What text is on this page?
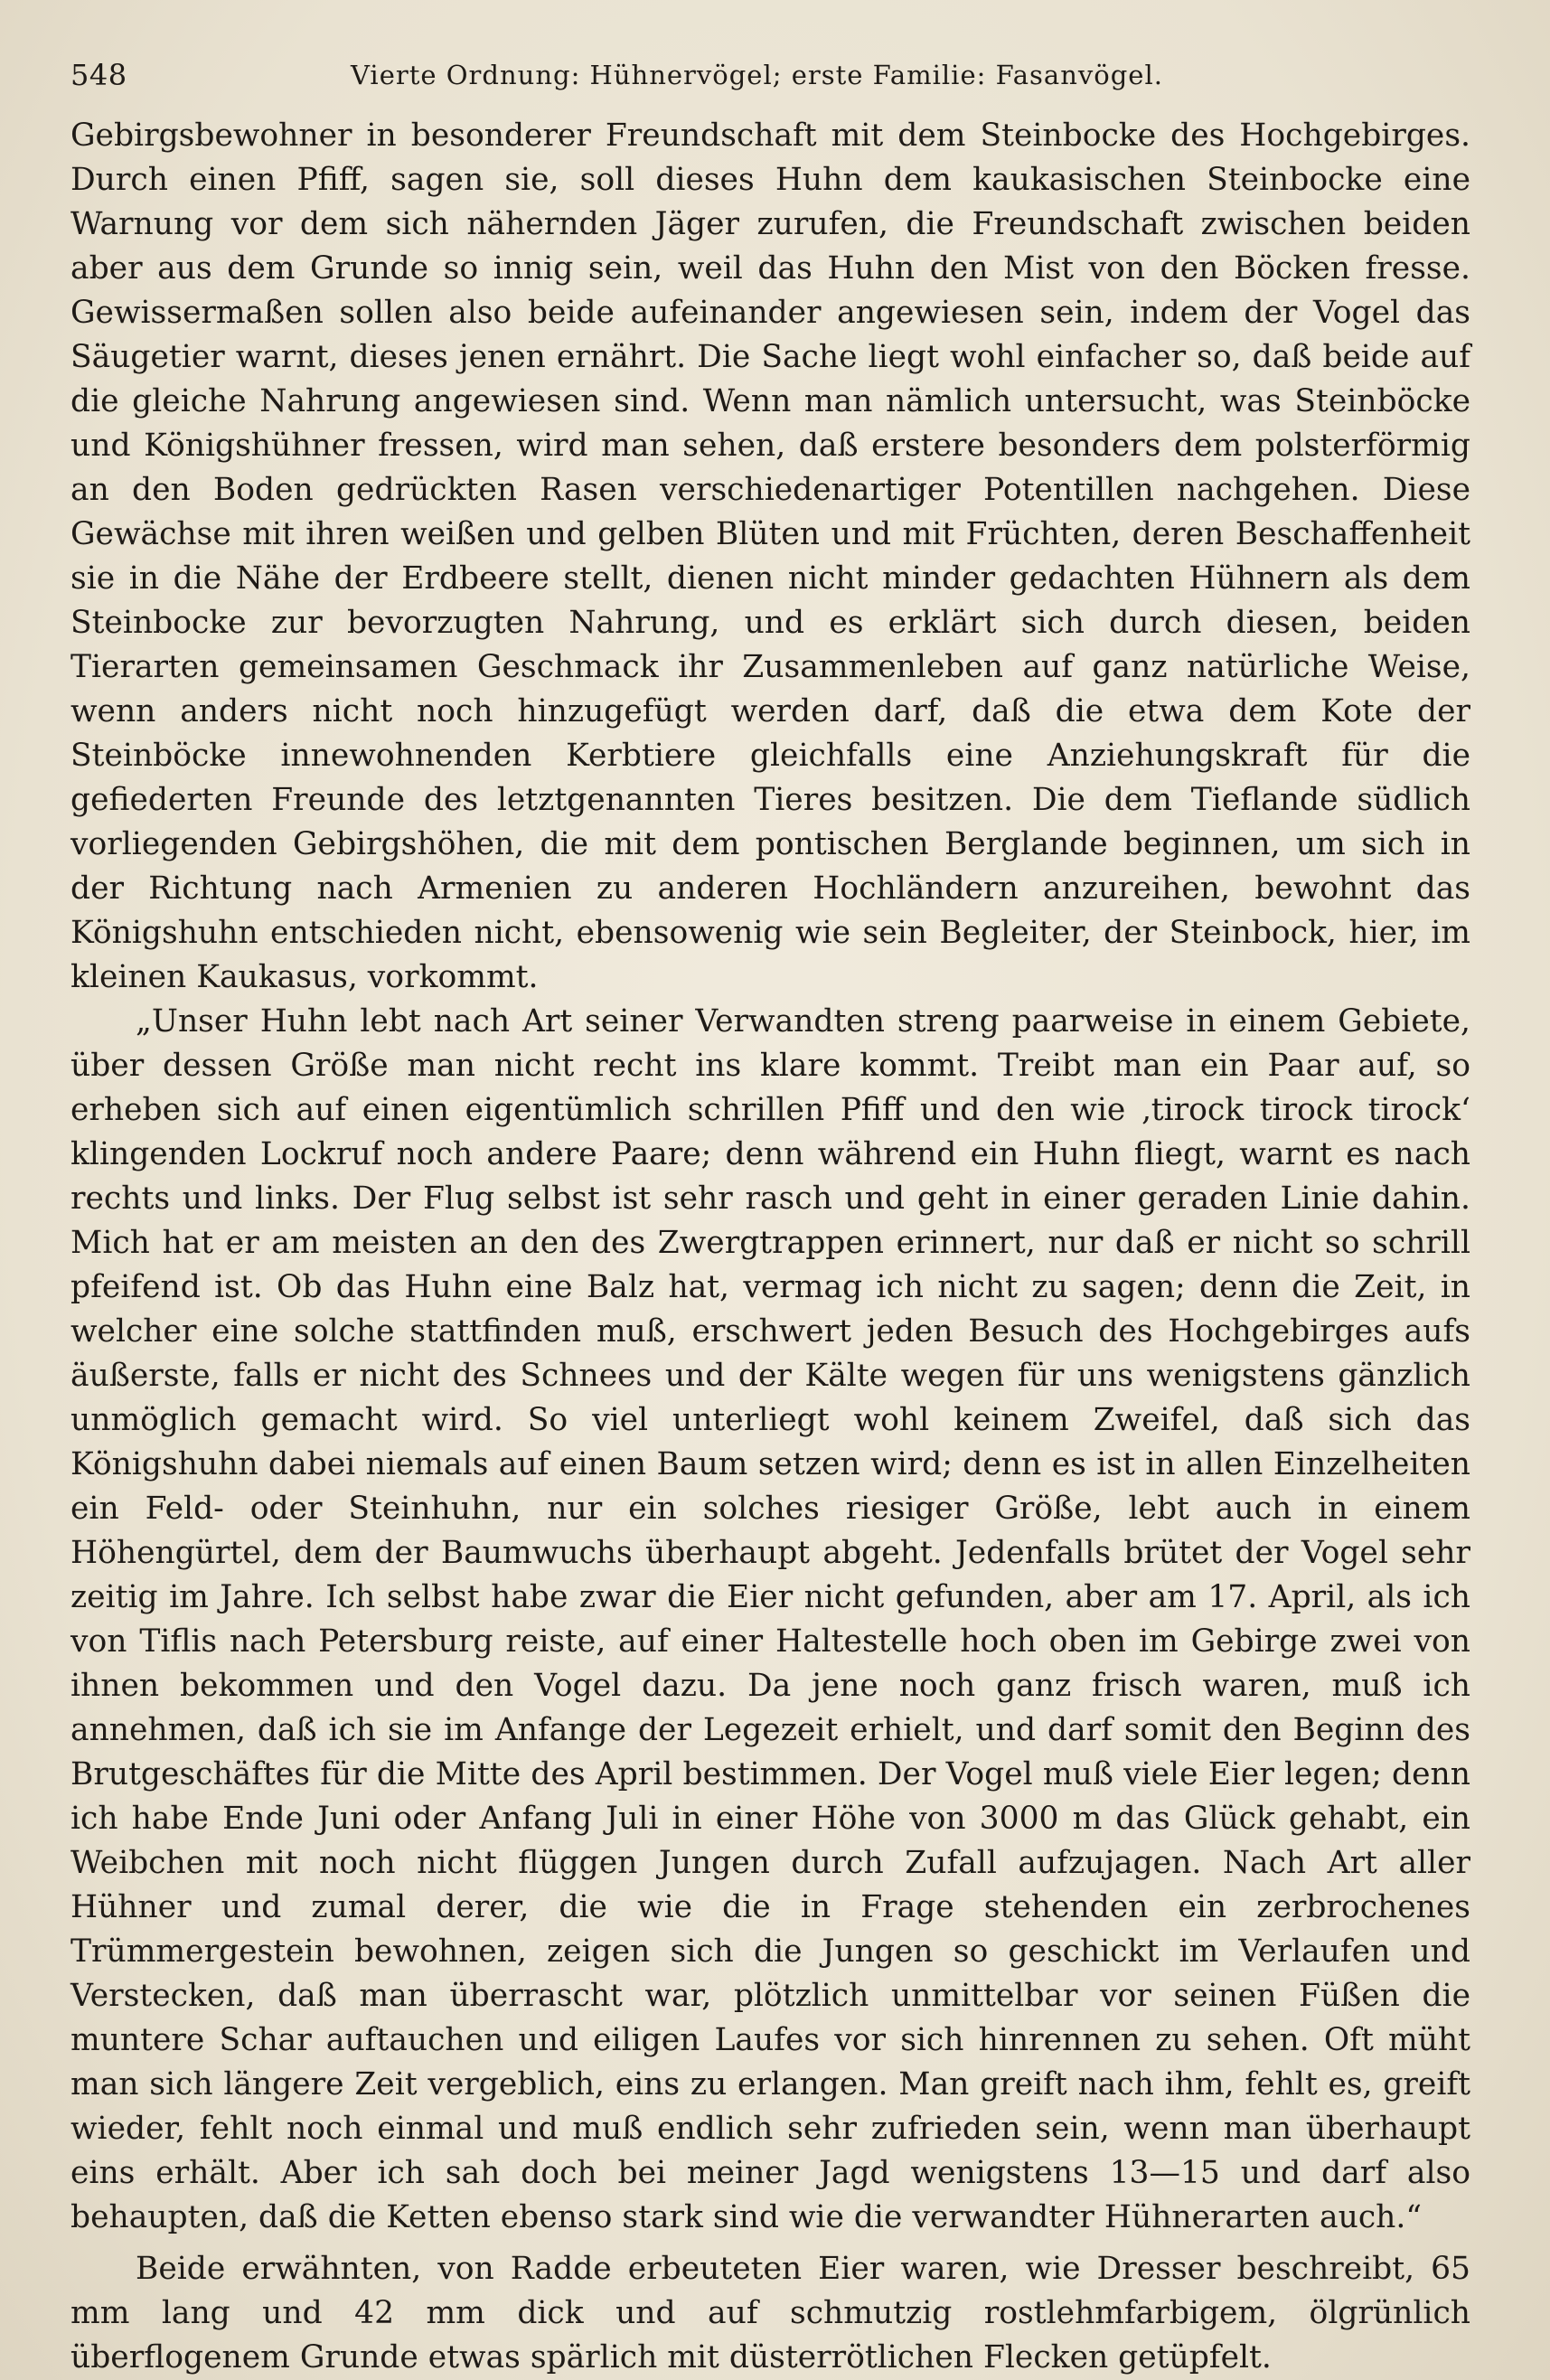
548	Vierte Ordnung: Hühnervögel; erste Familie: Fasanvögel.

Gebirgsbewohner in besonderer Freundschaft mit dem Steinbocke des Hochgebirges. Durch einen Pfiff, sagen sie, soll dieses Huhn dem kaukasischen Steinbocke eine Warnung vor dem sich nähernden Jäger zurufen, die Freundschaft zwischen beiden aber aus dem Grunde so innig sein, weil das Huhn den Mist von den Böcken fresse. Gewissermaßen sollen also beide aufeinander angewiesen sein, indem der Vogel das Säugetier warnt, dieses jenen ernährt. Die Sache liegt wohl einfacher so, daß beide auf die gleiche Nahrung angewiesen sind. Wenn man nämlich untersucht, was Steinböcke und Königshühner fressen, wird man sehen, daß erstere besonders dem polsterförmig an den Boden gedrückten Rasen verschiedenartiger Potentillen nachgehen. Diese Gewächse mit ihren weißen und gelben Blüten und mit Früchten, deren Beschaffenheit sie in die Nähe der Erdbeere stellt, dienen nicht minder gedachten Hühnern als dem Steinbocke zur bevorzugten Nahrung, und es erklärt sich durch diesen, beiden Tierarten gemeinsamen Geschmack ihr Zusammenleben auf ganz natürliche Weise, wenn anders nicht noch hinzugefügt werden darf, daß die etwa dem Kote der Steinböcke innewohnenden Kerbtiere gleichfalls eine Anziehungskraft für die gefiederten Freunde des letztgenannten Tieres besitzen. Die dem Tieflande südlich vorliegenden Gebirgshöhen, die mit dem pontischen Berglande beginnen, um sich in der Richtung nach Armenien zu anderen Hochländern anzureihen, bewohnt das Königshuhn entschieden nicht, ebensowenig wie sein Begleiter, der Steinbock, hier, im kleinen Kaukasus, vorkommt.

„Unser Huhn lebt nach Art seiner Verwandten streng paarweise in einem Gebiete, über dessen Größe man nicht recht ins klare kommt. Treibt man ein Paar auf, so erheben sich auf einen eigentümlich schrillen Pfiff und den wie ‚tirock tirock tirock‘ klingenden Lockruf noch andere Paare; denn während ein Huhn fliegt, warnt es nach rechts und links. Der Flug selbst ist sehr rasch und geht in einer geraden Linie dahin. Mich hat er am meisten an den des Zwergtrappen erinnert, nur daß er nicht so schrill pfeifend ist. Ob das Huhn eine Balz hat, vermag ich nicht zu sagen; denn die Zeit, in welcher eine solche stattfinden muß, erschwert jeden Besuch des Hochgebirges aufs äußerste, falls er nicht des Schnees und der Kälte wegen für uns wenigstens gänzlich unmöglich gemacht wird. So viel unterliegt wohl keinem Zweifel, daß sich das Königshuhn dabei niemals auf einen Baum setzen wird; denn es ist in allen Einzelheiten ein Feld- oder Steinhuhn, nur ein solches riesiger Größe, lebt auch in einem Höhengürtel, dem der Baumwuchs überhaupt abgeht. Jedenfalls brütet der Vogel sehr zeitig im Jahre. Ich selbst habe zwar die Eier nicht gefunden, aber am 17. April, als ich von Tiflis nach Petersburg reiste, auf einer Haltestelle hoch oben im Gebirge zwei von ihnen bekommen und den Vogel dazu. Da jene noch ganz frisch waren, muß ich annehmen, daß ich sie im Anfange der Legezeit erhielt, und darf somit den Beginn des Brutgeschäftes für die Mitte des April bestimmen. Der Vogel muß viele Eier legen; denn ich habe Ende Juni oder Anfang Juli in einer Höhe von 3000 m das Glück gehabt, ein Weibchen mit noch nicht flüggen Jungen durch Zufall aufzujagen. Nach Art aller Hühner und zumal derer, die wie die in Frage stehenden ein zerbrochenes Trümmergestein bewohnen, zeigen sich die Jungen so geschickt im Verlaufen und Verstecken, daß man überrascht war, plötzlich unmittelbar vor seinen Füßen die muntere Schar auftauchen und eiligen Laufes vor sich hinrennen zu sehen. Oft müht man sich längere Zeit vergeblich, eins zu erlangen. Man greift nach ihm, fehlt es, greift wieder, fehlt noch einmal und muß endlich sehr zufrieden sein, wenn man überhaupt eins erhält. Aber ich sah doch bei meiner Jagd wenigstens 13—15 und darf also behaupten, daß die Ketten ebenso stark sind wie die verwandter Hühnerarten auch.“

Beide erwähnten, von Radde erbeuteten Eier waren, wie Dresser beschreibt, 65 mm lang und 42 mm dick und auf schmutzig rostlehmfarbigem, ölgrünlich überflogenem Grunde etwas spärlich mit düsterrötlichen Flecken getüpfelt.
